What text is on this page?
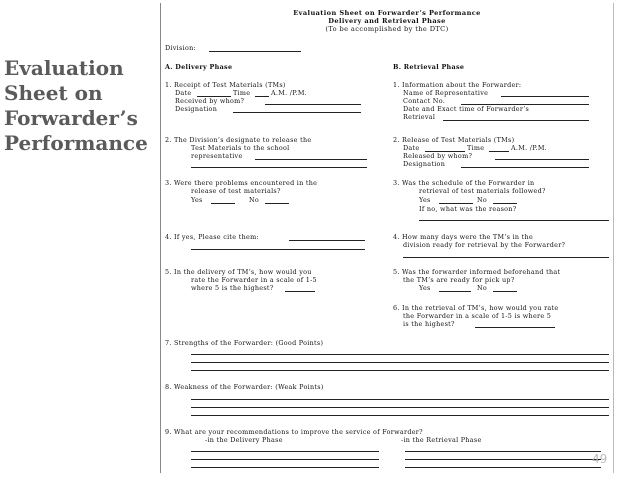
Evaluation
Sheet on
Forwarder’s
Performance
Evaluation Sheet on Forwarder’s Performance
Delivery and Retrieval Phase
(To be accomplished by the DTC)
Division:
A. Delivery Phase	B. Retrieval Phase
1. Receipt of Test Materials (TMs)
Date	Time	A.M. /P.M.
Received by whom?
Designation
1. Information about the Forwarder:
Name of Representative
Contact No.
Date and Exact time of Forwarder’s
Retrieval
2. The Division’s designate to release the
Test Materials to the school
representative
2. Release of Test Materials (TMs)
Date	Time	A.M. /P.M.
Released by whom?
Designation
3. Were there problems encountered in the
release of test materials?
Yes	No
3. Was the schedule of the Forwarder in
retrieval of test materials followed?
Yes	No
If no, what was the reason?
4. If yes, Please cite them:	4. How many days were the TM’s in the
division ready for retrieval by the Forwarder?
5. In the delivery of TM’s, how would you
rate the Forwarder in a scale of 1-5
where 5 is the highest?
5. Was the forwarder informed beforehand that
the TM’s are ready for pick up?
Yes	No
6. In the retrieval of TM’s, how would you rate
the Forwarder in a scale of 1-5 is where 5
is the highest?
7. Strengths of the Forwarder: (Good Points)
8. Weakness of the Forwarder: (Weak Points)
9. What are your recommendations to improve the service of Forwarder?
-in the Delivery Phase	-in the Retrieval Phase
49
